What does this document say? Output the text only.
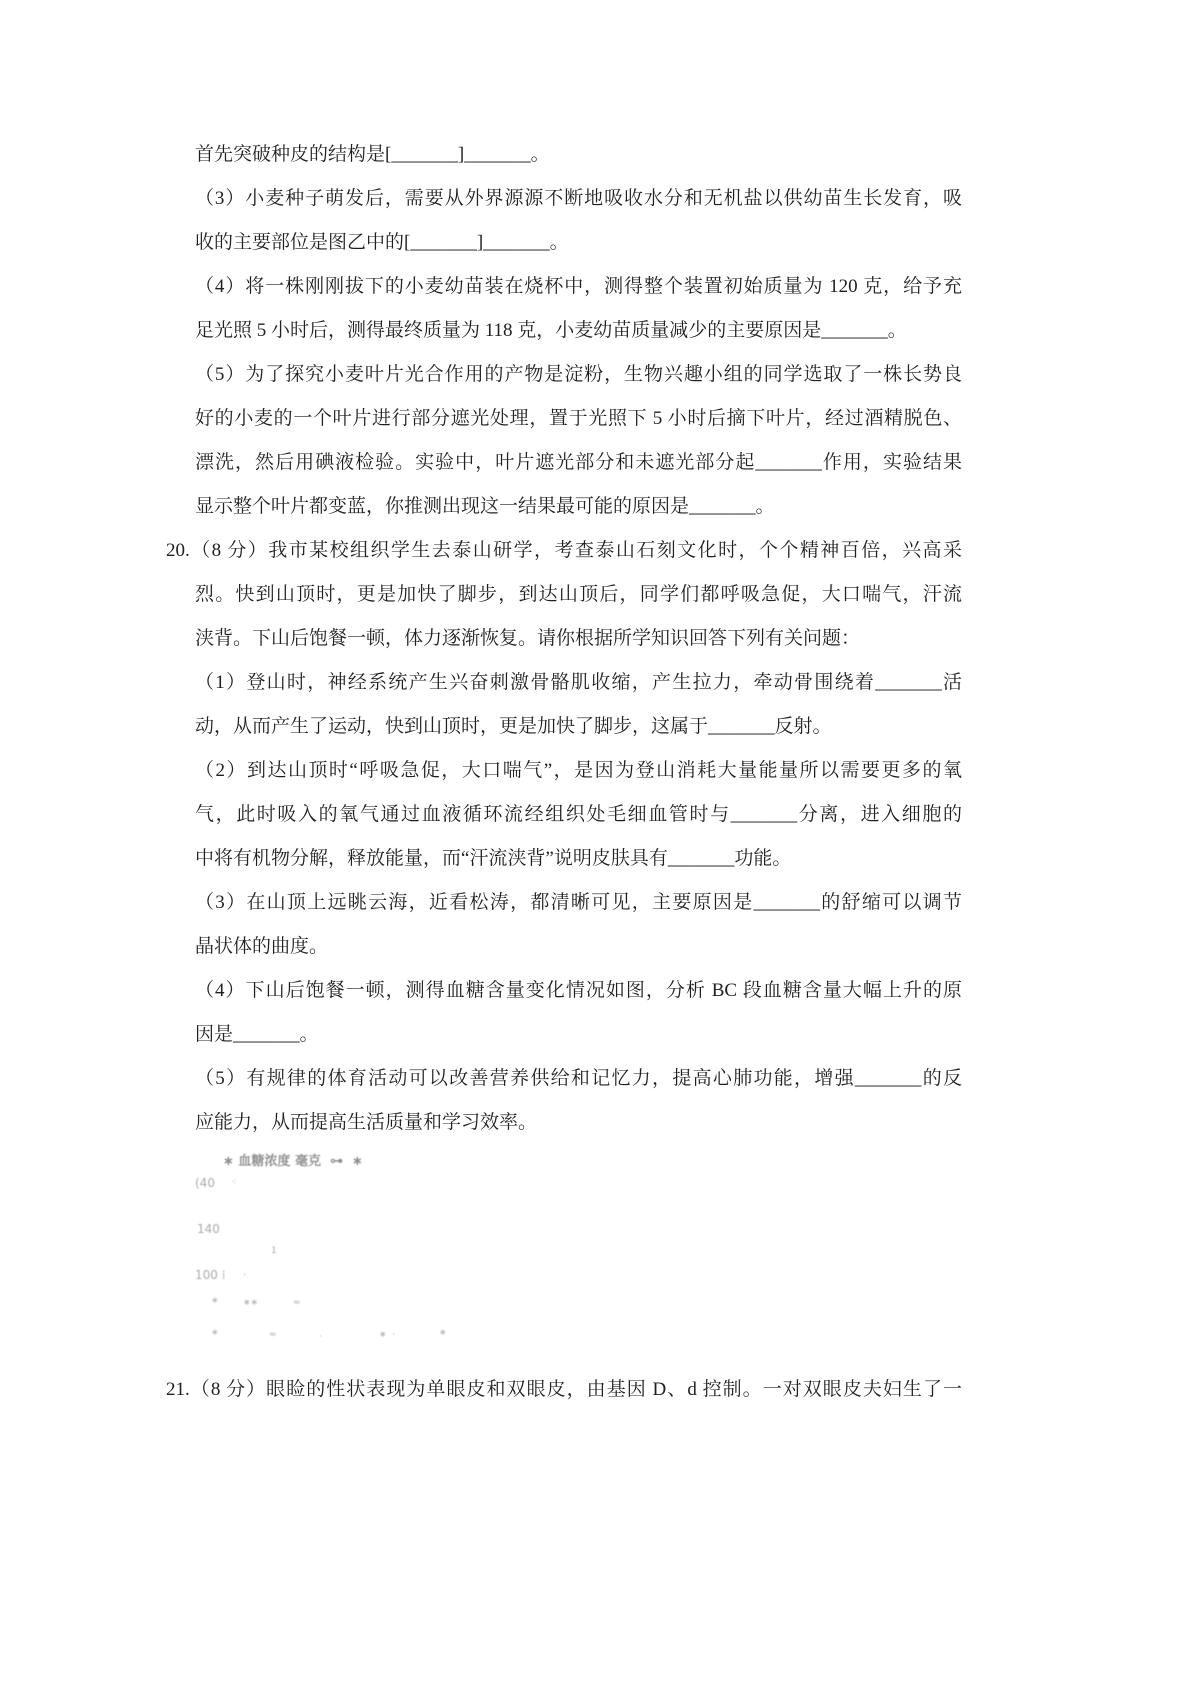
首先突破种皮的结构是[_______]_______。
（3）小麦种子萌发后，需要从外界源源不断地吸收水分和无机盐以供幼苗生长发育，吸
收的主要部位是图乙中的[_______]_______。
（4）将一株刚刚拔下的小麦幼苗装在烧杯中，测得整个装置初始质量为 120 克，给予充
足光照 5 小时后，测得最终质量为 118 克，小麦幼苗质量减少的主要原因是_______。
（5）为了探究小麦叶片光合作用的产物是淀粉，生物兴趣小组的同学选取了一株长势良
好的小麦的一个叶片进行部分遮光处理，置于光照下 5 小时后摘下叶片，经过酒精脱色、
漂洗，然后用碘液检验。实验中，叶片遮光部分和未遮光部分起_______作用，实验结果
显示整个叶片都变蓝，你推测出现这一结果最可能的原因是_______。
20.（8 分）我市某校组织学生去泰山研学，考查泰山石刻文化时，个个精神百倍，兴高采
烈。快到山顶时，更是加快了脚步，到达山顶后，同学们都呼吸急促，大口喘气，汗流
浃背。下山后饱餐一顿，体力逐渐恢复。请你根据所学知识回答下列有关问题：
（1）登山时，神经系统产生兴奋刺激骨骼肌收缩，产生拉力，牵动骨围绕着_______活
动，从而产生了运动，快到山顶时，更是加快了脚步，这属于_______反射。
（2）到达山顶时“呼吸急促，大口喘气”，是因为登山消耗大量能量所以需要更多的氧
气，此时吸入的氧气通过血液循环流经组织处毛细血管时与_______分离，进入细胞的
中将有机物分解，释放能量，而“汗流浃背”说明皮肤具有_______功能。
（3）在山顶上远眺云海，近看松涛，都清晰可见，主要原因是_______的舒缩可以调节
晶状体的曲度。
（4）下山后饱餐一顿，测得血糖含量变化情况如图，分析 BC 段血糖含量大幅上升的原
因是_______。
（5）有规律的体育活动可以改善营养供给和记忆力，提高心肺功能，增强_______的反
应能力，从而提高生活质量和学习效率。
∗ 血糖浓度 毫克  ⊶  ∗
(40 ⁖
140
1
100 ⁞ ·
∗	∗∗	≈
∗	≈	·	∗  ·	∗
21.（8 分）眼睑的性状表现为单眼皮和双眼皮，由基因 D、d 控制。一对双眼皮夫妇生了一
